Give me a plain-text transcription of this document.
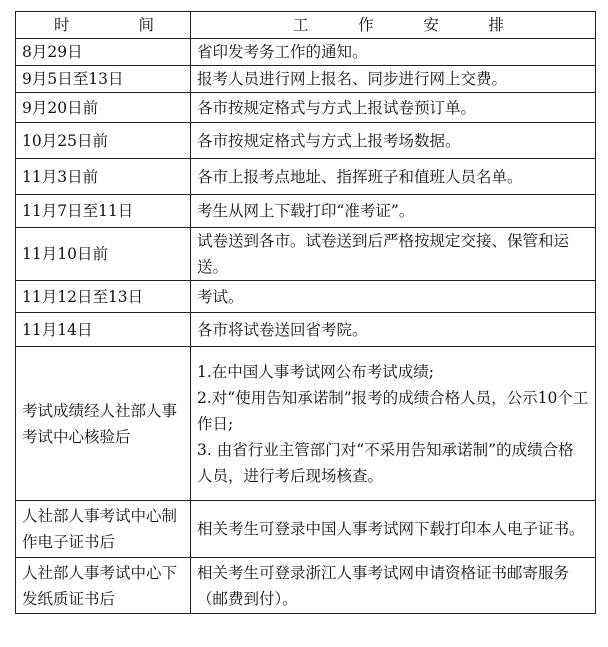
时 间	工 作 安 排

8月29日	省印发考务工作的通知。

9月5日至13日	报考人员进行网上报名、同步进行网上交费。

9月20日前	各市按规定格式与方式上报试卷预订单。

10月25日前	各市按规定格式与方式上报考场数据。

11月3日前	各市上报考点地址、指挥班子和值班人员名单。

11月7日至11日	考生从网上下载打印“准考证”。

11月10日前	试卷送到各市。试卷送到后严格按规定交接、保管和运送。

11月12日至13日	考试。

11月14日	各市将试卷送回省考院。

考试成绩经人社部人事考试中心核验后	1.在中国人事考试网公布考试成绩;
2.对“使用告知承诺制”报考的成绩合格人员，公示10个工作日;
3. 由省行业主管部门对“不采用告知承诺制”的成绩合格人员，进行考后现场核查。

人社部人事考试中心制作电子证书后	相关考生可登录中国人事考试网下载打印本人电子证书。

人社部人事考试中心下发纸质证书后	相关考生可登录浙江人事考试网申请资格证书邮寄服务（邮费到付）。
